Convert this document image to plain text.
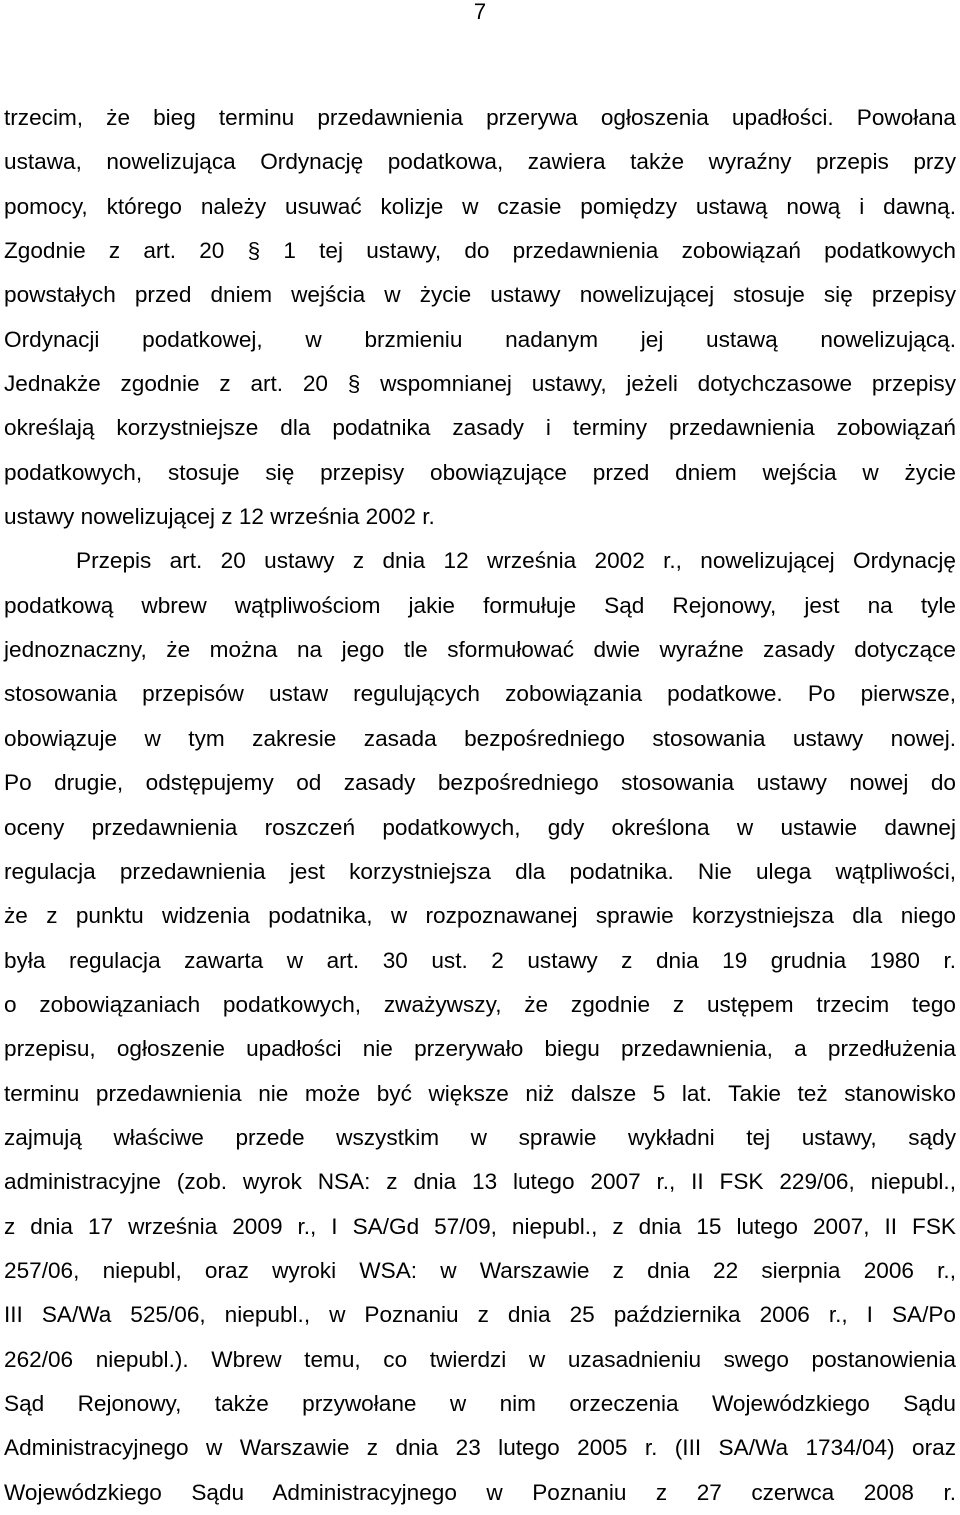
7
trzecim, że bieg terminu przedawnienia przerywa ogłoszenia upadłości. Powołana
ustawa, nowelizująca Ordynację podatkowa, zawiera także wyraźny przepis przy
pomocy, którego należy usuwać kolizje w czasie pomiędzy ustawą nową i dawną.
Zgodnie z art. 20 § 1 tej ustawy, do przedawnienia zobowiązań podatkowych
powstałych przed dniem wejścia w życie ustawy nowelizującej stosuje się przepisy
Ordynacji podatkowej, w brzmieniu nadanym jej ustawą nowelizującą.
Jednakże zgodnie z art. 20 § wspomnianej ustawy, jeżeli dotychczasowe przepisy
określają korzystniejsze dla podatnika zasady i terminy przedawnienia zobowiązań
podatkowych, stosuje się przepisy obowiązujące przed dniem wejścia w życie
ustawy nowelizującej z 12 września 2002 r.
Przepis art. 20 ustawy z dnia 12 września 2002 r., nowelizującej Ordynację
podatkową wbrew wątpliwościom jakie formułuje Sąd Rejonowy, jest na tyle
jednoznaczny, że można na jego tle sformułować dwie wyraźne zasady dotyczące
stosowania przepisów ustaw regulujących zobowiązania podatkowe. Po pierwsze,
obowiązuje w tym zakresie zasada bezpośredniego stosowania ustawy nowej.
Po drugie, odstępujemy od zasady bezpośredniego stosowania ustawy nowej do
oceny przedawnienia roszczeń podatkowych, gdy określona w ustawie dawnej
regulacja przedawnienia jest korzystniejsza dla podatnika. Nie ulega wątpliwości,
że z punktu widzenia podatnika, w rozpoznawanej sprawie korzystniejsza dla niego
była regulacja zawarta w art. 30 ust. 2 ustawy z dnia 19 grudnia 1980 r.
o zobowiązaniach podatkowych, zważywszy, że zgodnie z ustępem trzecim tego
przepisu, ogłoszenie upadłości nie przerywało biegu przedawnienia, a przedłużenia
terminu przedawnienia nie może być większe niż dalsze 5 lat. Takie też stanowisko
zajmują właściwe przede wszystkim w sprawie wykładni tej ustawy, sądy
administracyjne (zob. wyrok NSA: z dnia 13 lutego 2007 r., II FSK 229/06, niepubl.,
z dnia 17 września 2009 r., I SA/Gd 57/09, niepubl., z dnia 15 lutego 2007, II FSK
257/06, niepubl, oraz wyroki WSA: w Warszawie z dnia 22 sierpnia 2006 r.,
III SA/Wa 525/06, niepubl., w Poznaniu z dnia 25 października 2006 r., I SA/Po
262/06 niepubl.). Wbrew temu, co twierdzi w uzasadnieniu swego postanowienia
Sąd Rejonowy, także przywołane w nim orzeczenia Wojewódzkiego Sądu
Administracyjnego w Warszawie z dnia 23 lutego 2005 r. (III SA/Wa 1734/04) oraz
Wojewódzkiego Sądu Administracyjnego w Poznaniu z 27 czerwca 2008 r.
